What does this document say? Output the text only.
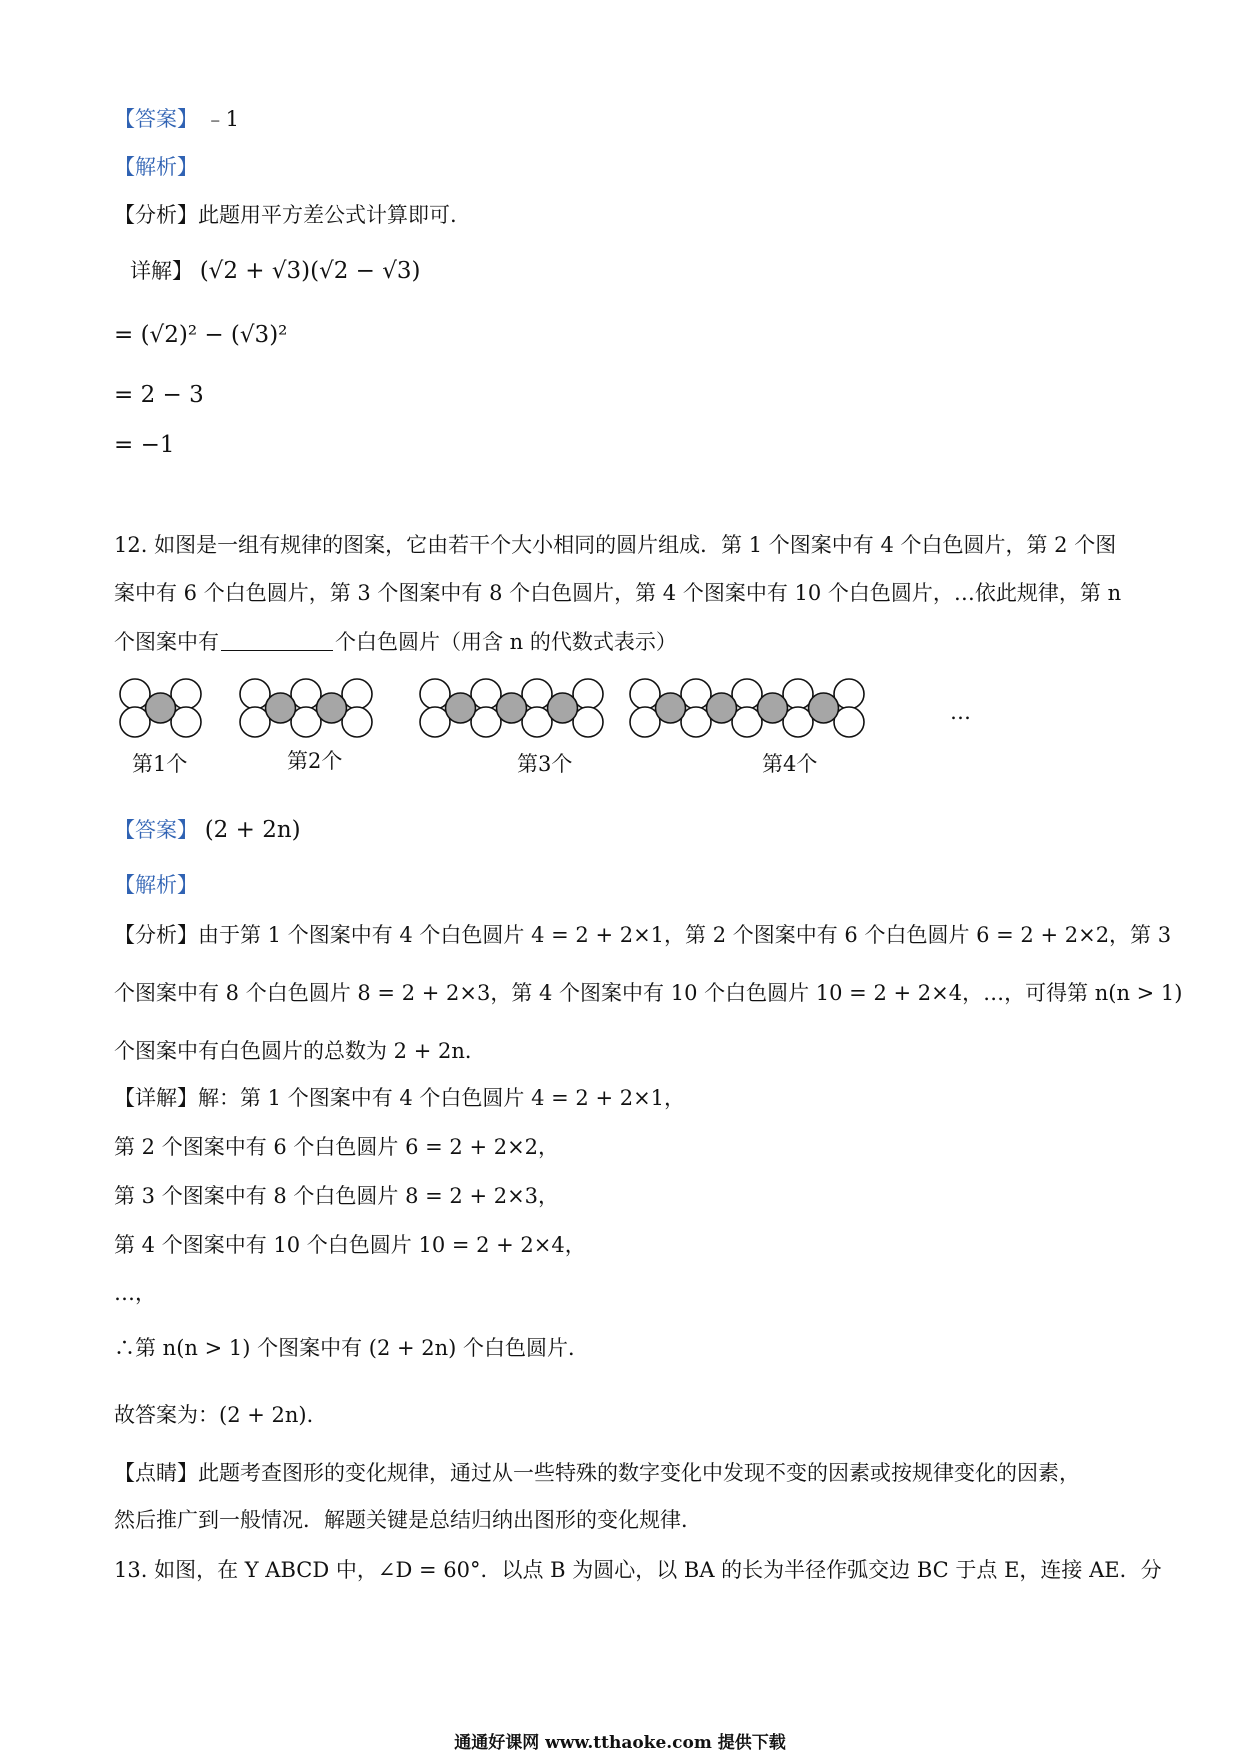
【答案】 ﹣1
【解析】
【分析】此题用平方差公式计算即可.
详解】 (√2 + √3)(√2 − √3)
= (√2)² − (√3)²
= 2 − 3
= −1
12. 如图是一组有规律的图案，它由若干个大小相同的圆片组成．第 1 个图案中有 4 个白色圆片，第 2 个图
案中有 6 个白色圆片，第 3 个图案中有 8 个白色圆片，第 4 个图案中有 10 个白色圆片，…依此规律，第 n
个图案中有	个白色圆片（用含 n 的代数式表示）
第1个	第2个	第3个	第4个
…
【答案】 (2 + 2n)
【解析】
【分析】由于第 1 个图案中有 4 个白色圆片 4 = 2 + 2×1，第 2 个图案中有 6 个白色圆片 6 = 2 + 2×2，第 3
个图案中有 8 个白色圆片 8 = 2 + 2×3，第 4 个图案中有 10 个白色圆片 10 = 2 + 2×4，…，可得第 n(n > 1)
个图案中有白色圆片的总数为 2 + 2n．
【详解】解：第 1 个图案中有 4 个白色圆片 4 = 2 + 2×1，
第 2 个图案中有 6 个白色圆片 6 = 2 + 2×2，
第 3 个图案中有 8 个白色圆片 8 = 2 + 2×3，
第 4 个图案中有 10 个白色圆片 10 = 2 + 2×4，
…，
∴第 n(n > 1) 个图案中有 (2 + 2n) 个白色圆片．
故答案为：(2 + 2n)．
【点睛】此题考查图形的变化规律，通过从一些特殊的数字变化中发现不变的因素或按规律变化的因素，
然后推广到一般情况．解题关键是总结归纳出图形的变化规律．
13. 如图，在 Y ABCD 中，∠D = 60°．以点 B 为圆心，以 BA 的长为半径作弧交边 BC 于点 E，连接 AE．分
通通好课网 www.tthaoke.com 提供下载
